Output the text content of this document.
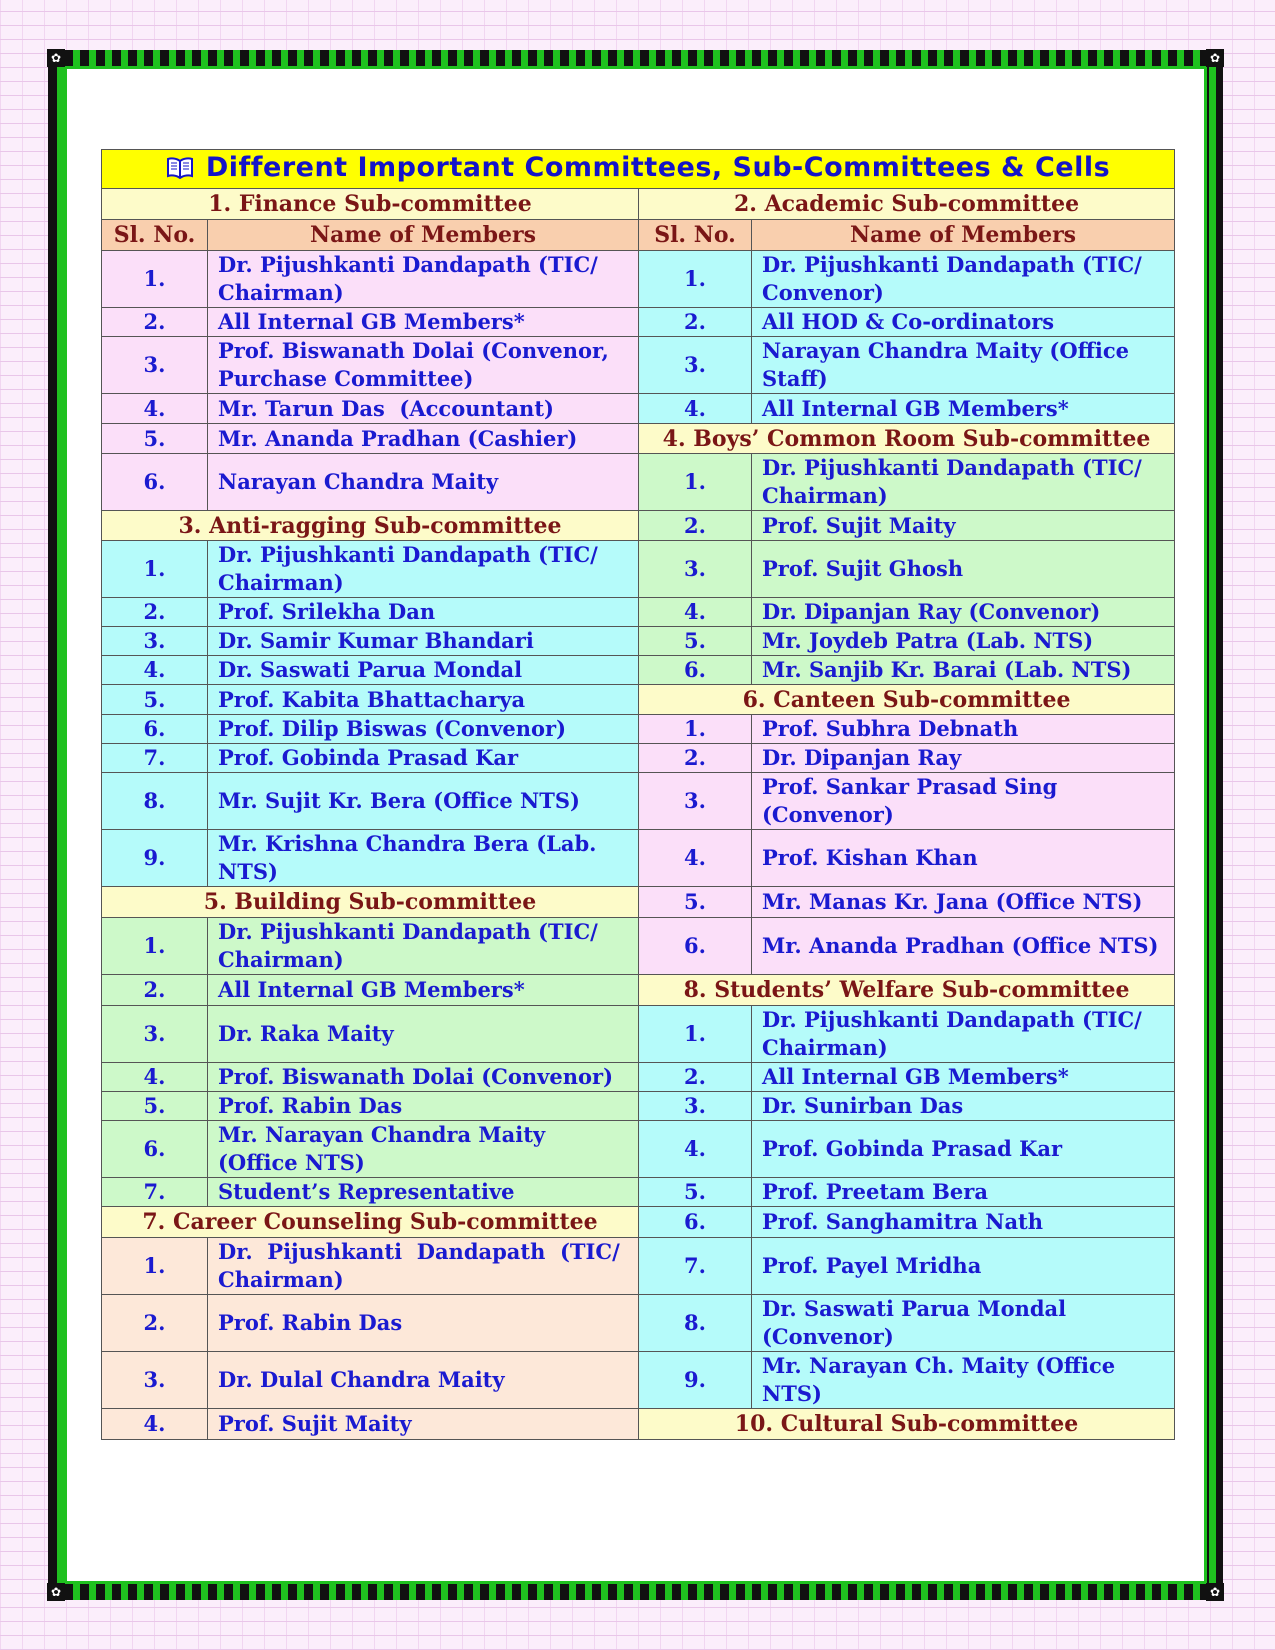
✿	✿
✿	✿
Different Important Committees, Sub-Committees & Cells			
1. Finance Sub-committee		2. Academic Sub-committee	
Sl. No.	Name of Members	Sl. No.	Name of Members
1.	Dr. Pijushkanti Dandapath (TIC/ Chairman)	1.	Dr. Pijushkanti Dandapath (TIC/ Convenor)
2.	All Internal GB Members*	2.	All HOD & Co-ordinators
3.	Prof. Biswanath Dolai (Convenor, Purchase Committee)	3.	Narayan Chandra Maity (Office Staff)
4.	Mr. Tarun Das  (Accountant)	4.	All Internal GB Members*
5.	Mr. Ananda Pradhan (Cashier)	4. Boys’ Common Room Sub-committee	
6.	Narayan Chandra Maity	1.	Dr. Pijushkanti Dandapath (TIC/ Chairman)
3. Anti-ragging Sub-committee		2.	Prof. Sujit Maity
1.	Dr. Pijushkanti Dandapath (TIC/ Chairman)	3.	Prof. Sujit Ghosh
2.	Prof. Srilekha Dan	4.	Dr. Dipanjan Ray (Convenor)
3.	Dr. Samir Kumar Bhandari	5.	Mr. Joydeb Patra (Lab. NTS)
4.	Dr. Saswati Parua Mondal	6.	Mr. Sanjib Kr. Barai (Lab. NTS)
5.	Prof. Kabita Bhattacharya	6. Canteen Sub-committee	
6.	Prof. Dilip Biswas (Convenor)	1.	Prof. Subhra Debnath
7.	Prof. Gobinda Prasad Kar	2.	Dr. Dipanjan Ray
8.	Mr. Sujit Kr. Bera (Office NTS)	3.	Prof. Sankar Prasad Sing (Convenor)
9.	Mr. Krishna Chandra Bera (Lab. NTS)	4.	Prof. Kishan Khan
5. Building Sub-committee		5.	Mr. Manas Kr. Jana (Office NTS)
1.	Dr. Pijushkanti Dandapath (TIC/ Chairman)	6.	Mr. Ananda Pradhan (Office NTS)
2.	All Internal GB Members*	8. Students’ Welfare Sub-committee	
3.	Dr. Raka Maity	1.	Dr. Pijushkanti Dandapath (TIC/ Chairman)
4.	Prof. Biswanath Dolai (Convenor)	2.	All Internal GB Members*
5.	Prof. Rabin Das	3.	Dr. Sunirban Das
6.	Mr. Narayan Chandra Maity (Office NTS)	4.	Prof. Gobinda Prasad Kar
7.	Student’s Representative	5.	Prof. Preetam Bera
7. Career Counseling Sub-committee		6.	Prof. Sanghamitra Nath
1.	Dr.  Pijushkanti  Dandapath  (TIC/ Chairman)	7.	Prof. Payel Mridha
2.	Prof. Rabin Das	8.	Dr. Saswati Parua Mondal (Convenor)
3.	Dr. Dulal Chandra Maity	9.	Mr. Narayan Ch. Maity (Office NTS)
4.	Prof. Sujit Maity	10. Cultural Sub-committee	
